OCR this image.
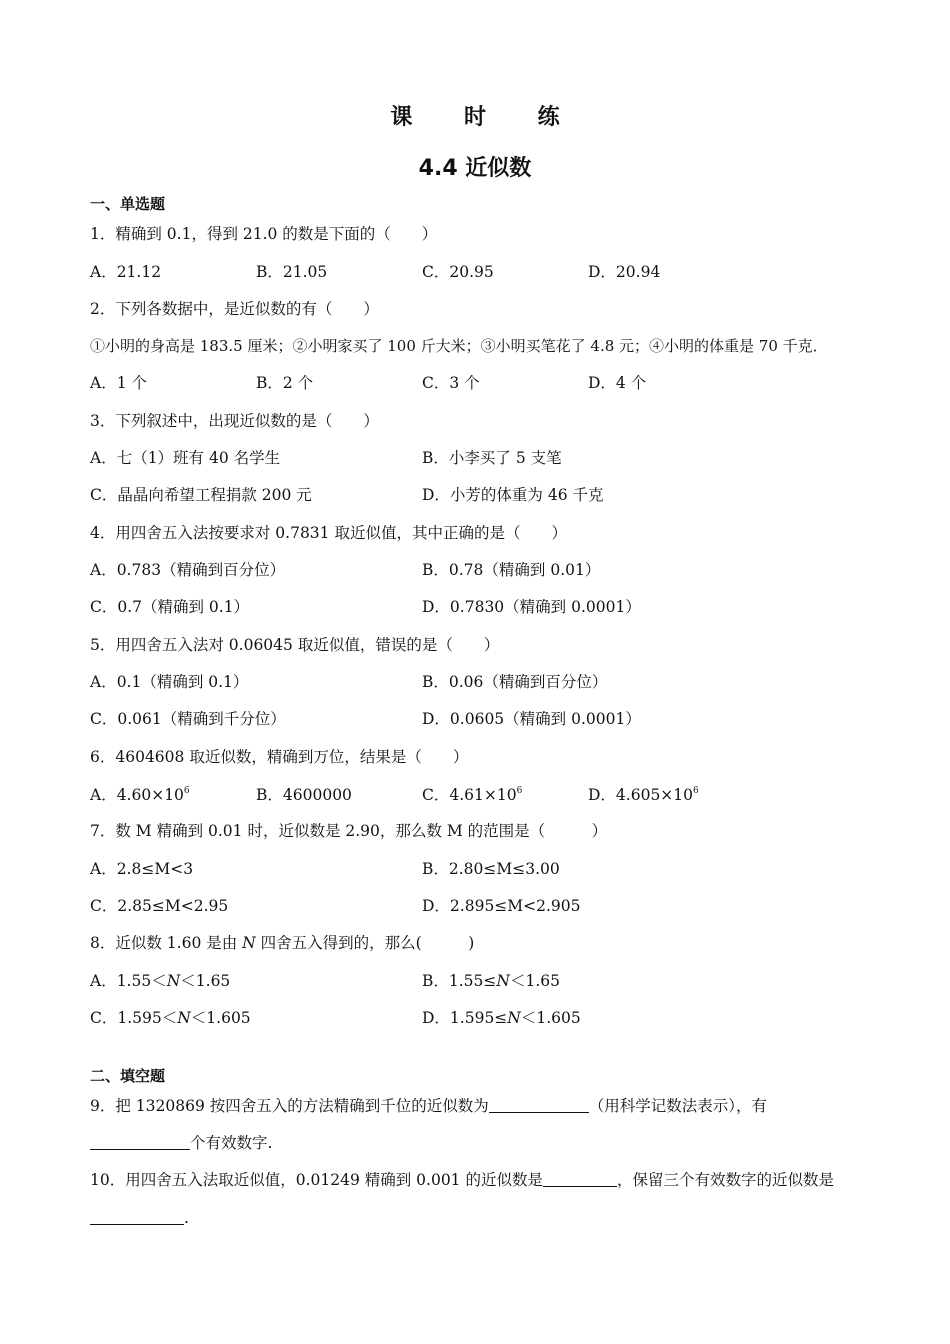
课 时 练
4.4 近似数
一、单选题
1．精确到 0.1，得到 21.0 的数是下面的（　　）
A．21.12	B．21.05	C．20.95	D．20.94
2．下列各数据中，是近似数的有（　　）
①小明的身高是 183.5 厘米；②小明家买了 100 斤大米；③小明买笔花了 4.8 元；④小明的体重是 70 千克．
A．1 个	B．2 个	C．3 个	D．4 个
3．下列叙述中，出现近似数的是（　　）
A．七（1）班有 40 名学生	B．小李买了 5 支笔
C．晶晶向希望工程捐款 200 元	D．小芳的体重为 46 千克
4．用四舍五入法按要求对 0.7831 取近似值，其中正确的是（　　）
A．0.783（精确到百分位）	B．0.78（精确到 0.01）
C．0.7（精确到 0.1）	D．0.7830（精确到 0.0001）
5．用四舍五入法对 0.06045 取近似值，错误的是（　　）
A．0.1（精确到 0.1）	B．0.06（精确到百分位）
C．0.061（精确到千分位）	D．0.0605（精确到 0.0001）
6．4604608 取近似数，精确到万位，结果是（　　）
A．$4.60\times 10^6$	B．4600000	C．$4.61\times 10^6$	D．$4.605\times 10^6$
7．数 M 精确到 0.01 时，近似数是 2.90，那么数 M 的范围是（　　　）
A．2.8≤M<3	B．2.80≤M≤3.00
C．2.85≤M<2.95	D．2.895≤M<2.905
8．近似数 1.60 是由 N 四舍五入得到的，那么(　　　)
A．1.55＜N＜1.65	B．1.55≤N＜1.65
C．1.595＜N＜1.605	D．1.595≤N＜1.605
二、填空题
9．把 1320869 按四舍五入的方法精确到千位的近似数为	（用科学记数法表示），有
个有效数字.
10．用四舍五入法取近似值，0.01249 精确到 0.001 的近似数是	，保留三个有效数字的近似数是
.
